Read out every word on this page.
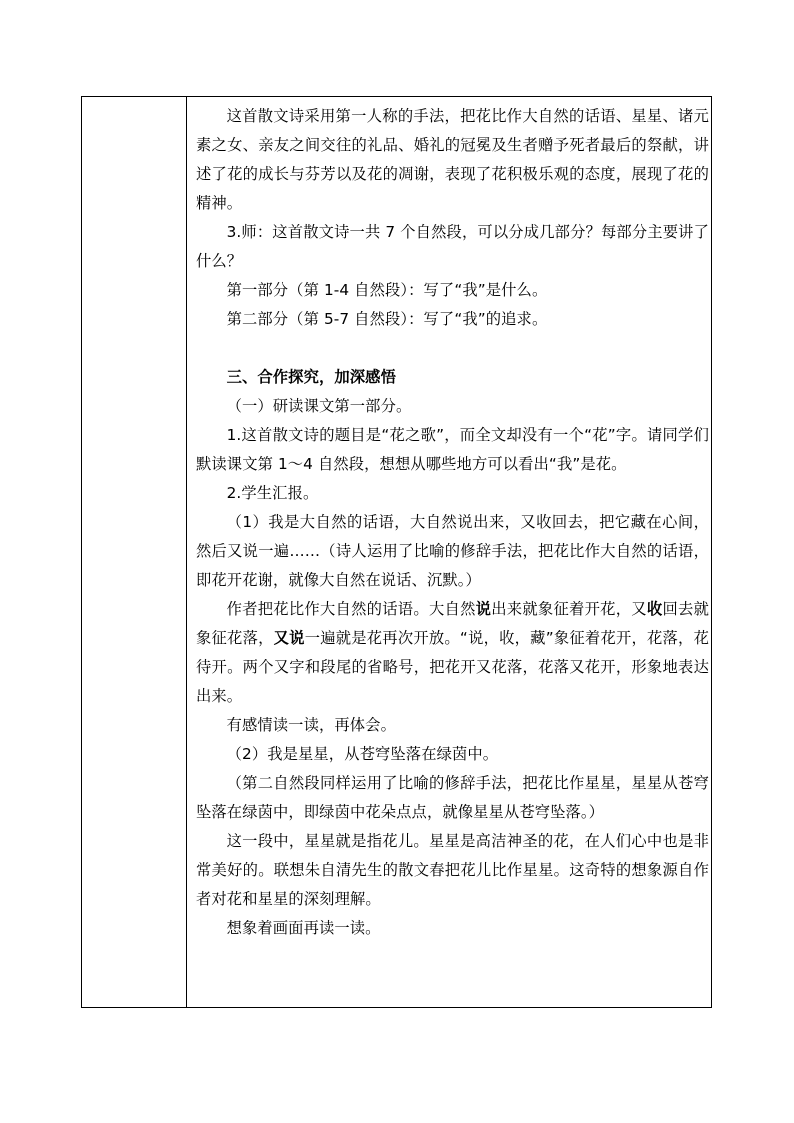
这首散文诗采用第一人称的手法，把花比作大自然的话语、星星、诸元素之女、亲友之间交往的礼品、婚礼的冠冕及生者赠予死者最后的祭献，讲述了花的成长与芬芳以及花的凋谢，表现了花积极乐观的态度，展现了花的精神。

3.师：这首散文诗一共 7 个自然段，可以分成几部分？每部分主要讲了什么？

第一部分（第 1-4 自然段）：写了“我”是什么。

第二部分（第 5-7 自然段）：写了“我”的追求。

三、合作探究，加深感悟

（一）研读课文第一部分。

1.这首散文诗的题目是“花之歌”，而全文却没有一个“花”字。请同学们默读课文第 1～4 自然段，想想从哪些地方可以看出“我”是花。

2.学生汇报。

（1）我是大自然的话语，大自然说出来，又收回去，把它藏在心间，然后又说一遍……（诗人运用了比喻的修辞手法，把花比作大自然的话语，即花开花谢，就像大自然在说话、沉默。）

作者把花比作大自然的话语。大自然说出来就象征着开花，又收回去就象征花落，又说一遍就是花再次开放。“说，收，藏”象征着花开，花落，花待开。两个又字和段尾的省略号，把花开又花落，花落又花开，形象地表达出来。

有感情读一读，再体会。

（2）我是星星，从苍穹坠落在绿茵中。

（第二自然段同样运用了比喻的修辞手法，把花比作星星，星星从苍穹坠落在绿茵中，即绿茵中花朵点点，就像星星从苍穹坠落。）

这一段中，星星就是指花儿。星星是高洁神圣的花，在人们心中也是非常美好的。联想朱自清先生的散文春把花儿比作星星。这奇特的想象源自作者对花和星星的深刻理解。

想象着画面再读一读。
